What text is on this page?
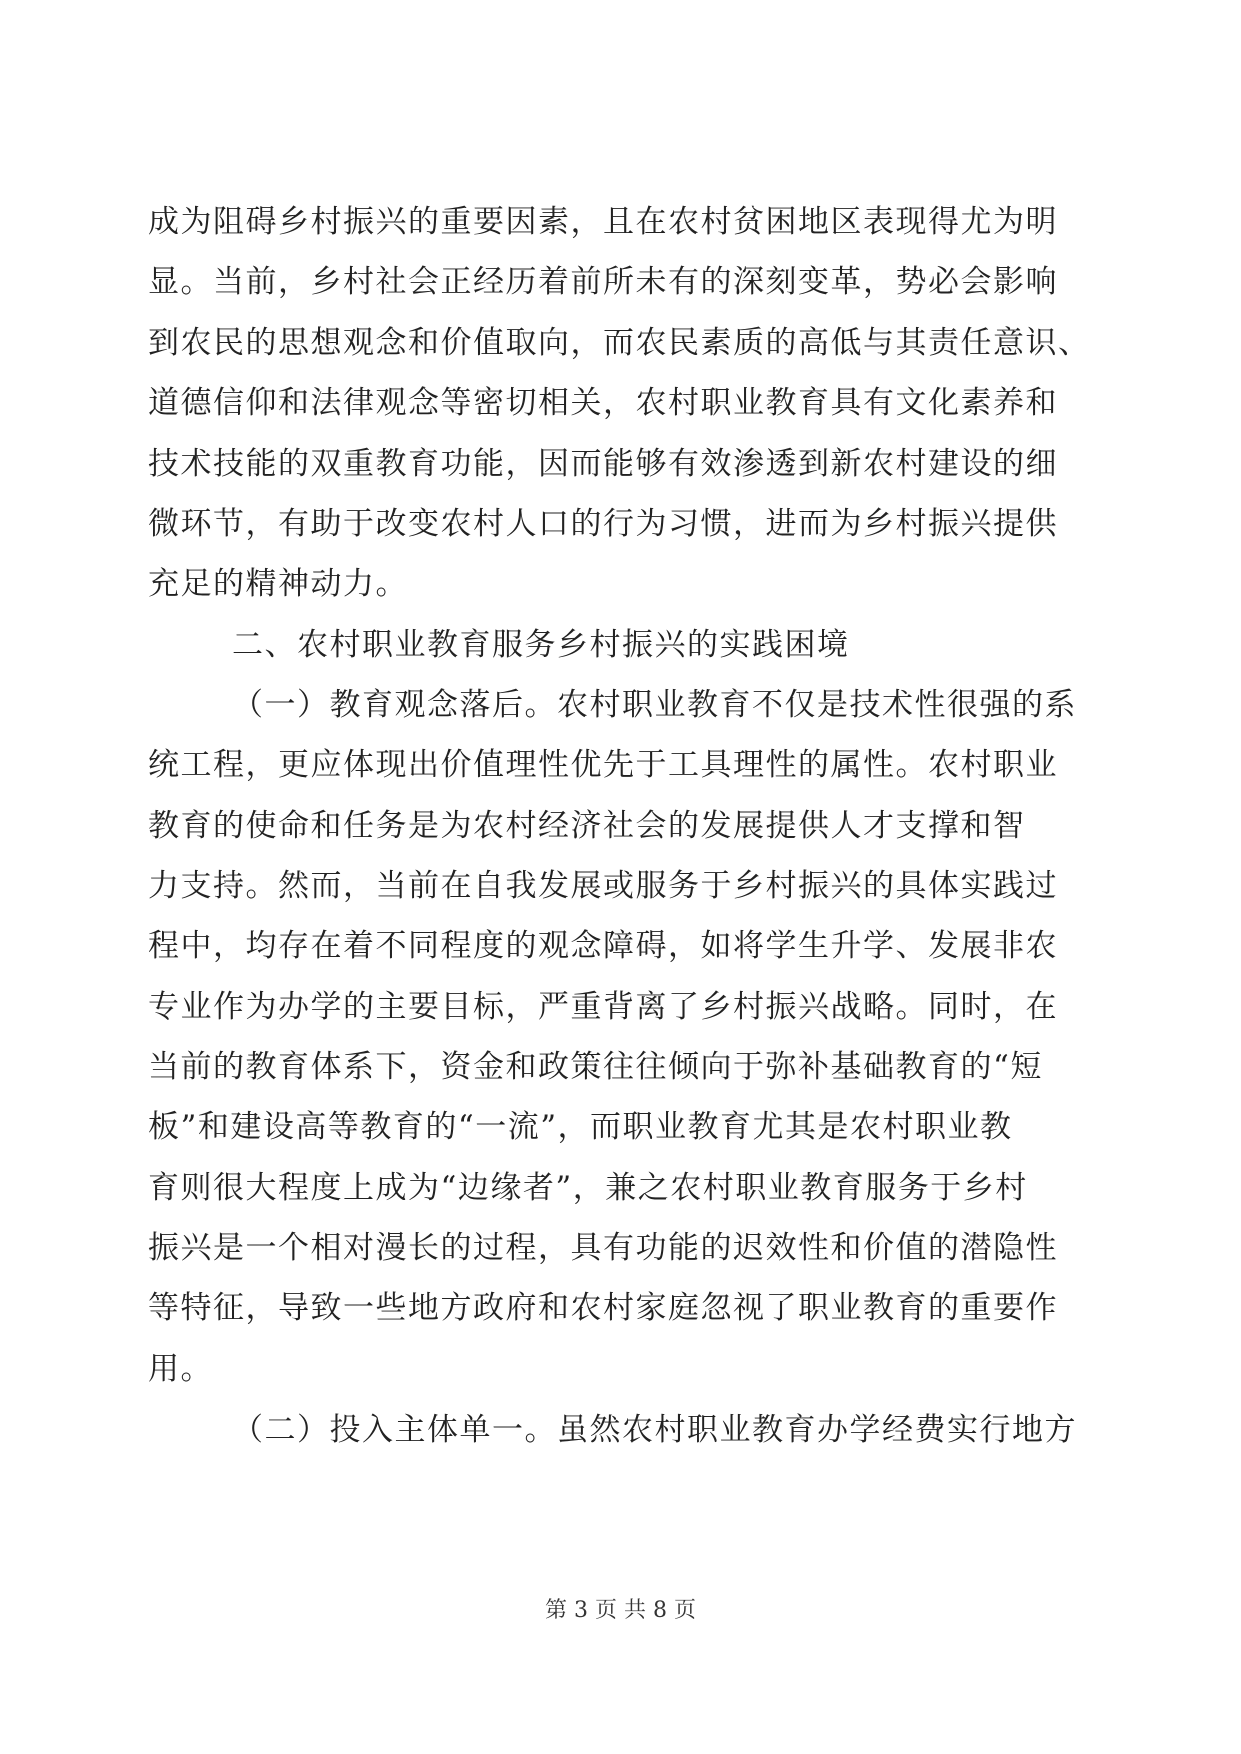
成为阻碍乡村振兴的重要因素，且在农村贫困地区表现得尤为明
显。当前，乡村社会正经历着前所未有的深刻变革，势必会影响
到农民的思想观念和价值取向，而农民素质的高低与其责任意识、
道德信仰和法律观念等密切相关，农村职业教育具有文化素养和
技术技能的双重教育功能，因而能够有效渗透到新农村建设的细
微环节，有助于改变农村人口的行为习惯，进而为乡村振兴提供
充足的精神动力。
二、农村职业教育服务乡村振兴的实践困境
（一）教育观念落后。农村职业教育不仅是技术性很强的系
统工程，更应体现出价值理性优先于工具理性的属性。农村职业
教育的使命和任务是为农村经济社会的发展提供人才支撑和智
力支持。然而，当前在自我发展或服务于乡村振兴的具体实践过
程中，均存在着不同程度的观念障碍，如将学生升学、发展非农
专业作为办学的主要目标，严重背离了乡村振兴战略。同时，在
当前的教育体系下，资金和政策往往倾向于弥补基础教育的“短
板”和建设高等教育的“一流”，而职业教育尤其是农村职业教
育则很大程度上成为“边缘者”，兼之农村职业教育服务于乡村
振兴是一个相对漫长的过程，具有功能的迟效性和价值的潜隐性
等特征，导致一些地方政府和农村家庭忽视了职业教育的重要作
用。
（二）投入主体单一。虽然农村职业教育办学经费实行地方
第 3 页 共 8 页
